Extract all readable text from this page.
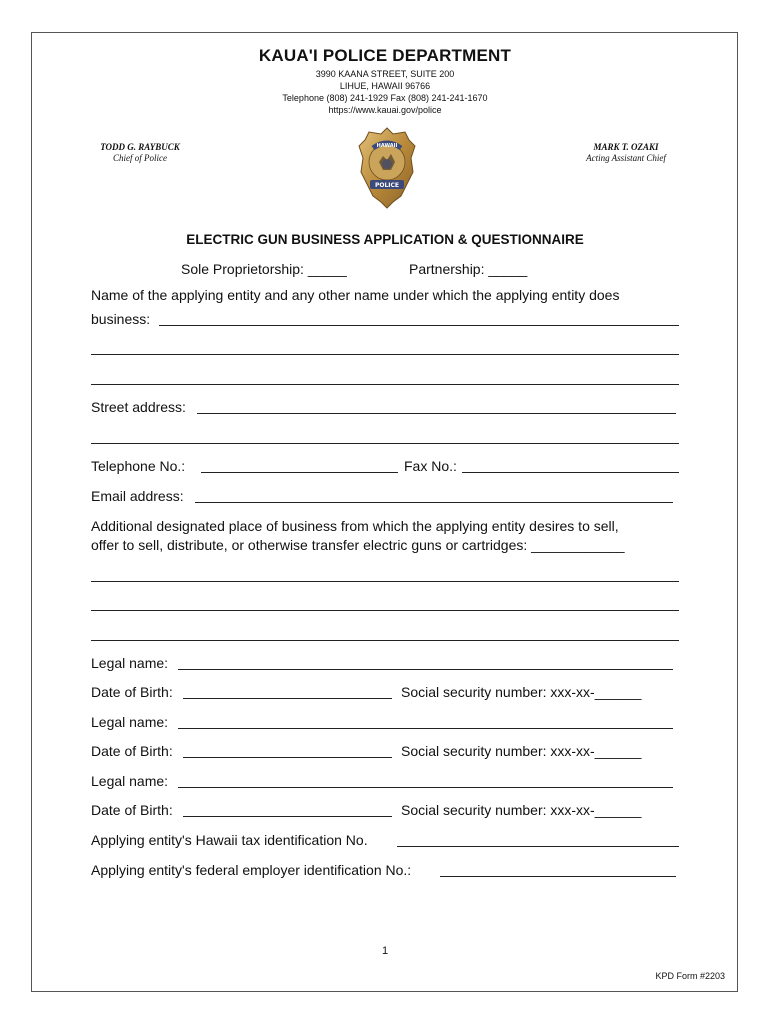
KAUA'I POLICE DEPARTMENT
3990 KAANA STREET, SUITE 200
LIHUE, HAWAII 96766
Telephone (808) 241-1929 Fax (808) 241-241-1670
https://www.kauai.gov/police
TODD G. RAYBUCK
Chief of Police
MARK T. OZAKI
Acting Assistant Chief
HAWAII
POLICE
ELECTRIC GUN BUSINESS APPLICATION & QUESTIONNAIRE
Sole Proprietorship: _____	Partnership: _____
Name of the applying entity and any other name under which the applying entity does
business:
Street address:
Telephone No.:	Fax No.:
Email address:
Additional designated place of business from which the applying entity desires to sell,
offer to sell, distribute, or otherwise transfer electric guns or cartridges: ____________
Legal name:
Date of Birth:	Social security number: xxx-xx-______
Legal name:
Date of Birth:	Social security number: xxx-xx-______
Legal name:
Date of Birth:	Social security number: xxx-xx-______
Applying entity's Hawaii tax identification No.
Applying entity's federal employer identification No.:
1
KPD Form #2203
